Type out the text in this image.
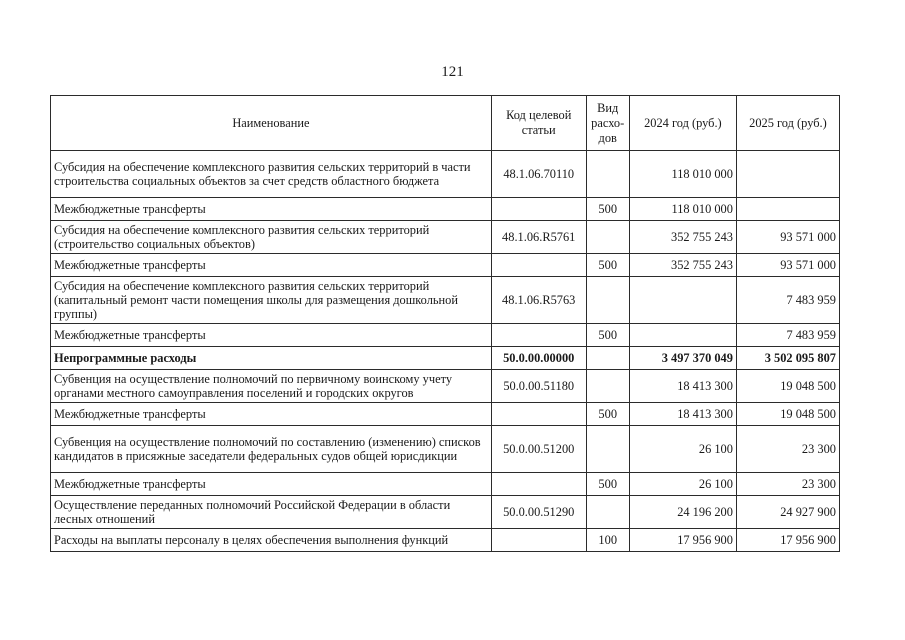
121
Наименование	Код целевой статьи	Вид расхо-дов	2024 год (руб.)	2025 год (руб.)
Субсидия на обеспечение комплексного развития сельских территорий в части строительства социальных объектов за счет средств областного бюджета	48.1.06.70110		118 010 000	
Межбюджетные трансферты		500	118 010 000	
Субсидия на обеспечение комплексного развития сельских территорий (строительство социальных объектов)	48.1.06.R5761		352 755 243	93 571 000
Межбюджетные трансферты		500	352 755 243	93 571 000
Субсидия на обеспечение комплексного развития сельских территорий (капитальный ремонт части помещения школы для размещения дошкольной группы)	48.1.06.R5763			7 483 959
Межбюджетные трансферты		500		7 483 959
Непрограммные расходы	50.0.00.00000		3 497 370 049	3 502 095 807
Субвенция на осуществление полномочий по первичному воинскому учету органами местного самоуправления поселений и городских округов	50.0.00.51180		18 413 300	19 048 500
Межбюджетные трансферты		500	18 413 300	19 048 500
Субвенция на осуществление полномочий по составлению (изменению) списков кандидатов в присяжные заседатели федеральных судов общей юрисдикции	50.0.00.51200		26 100	23 300
Межбюджетные трансферты		500	26 100	23 300
Осуществление переданных полномочий Российской Федерации в области лесных отношений	50.0.00.51290		24 196 200	24 927 900
Расходы на выплаты персоналу в целях обеспечения выполнения функций		100	17 956 900	17 956 900
